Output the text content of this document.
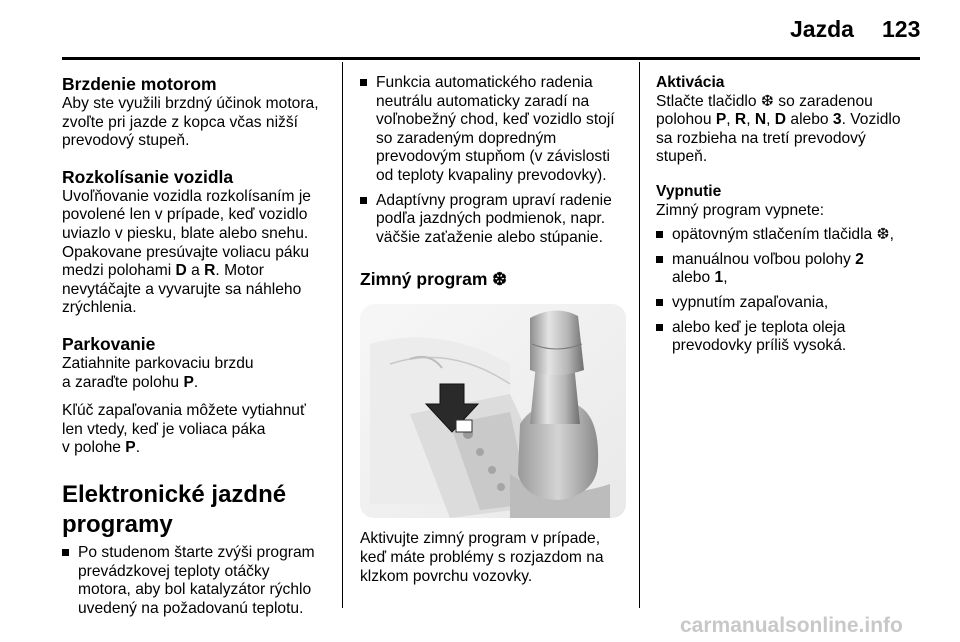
Jazda 123
Brzdenie motorom
Aby ste využili brzdný účinok motora,
zvoľte pri jazde z kopca včas nižší
prevodový stupeň.
Rozkolísanie vozidla
Uvoľňovanie vozidla rozkolísaním je
povolené len v prípade, keď vozidlo
uviazlo v piesku, blate alebo snehu.
Opakovane presúvajte voliacu páku
medzi polohami D a R. Motor
nevytáčajte a vyvarujte sa náhleho
zrýchlenia.
Parkovanie
Zatiahnite parkovaciu brzdu
a zaraďte polohu P.
Kľúč zapaľovania môžete vytiahnuť
len vtedy, keď je voliaca páka
v polohe P.
Elektronické jazdné
programy
Po studenom štarte zvýši program
prevádzkovej teploty otáčky
motora, aby bol katalyzátor rýchlo
uvedený na požadovanú teplotu.
Funkcia automatického radenia
neutrálu automaticky zaradí na
voľnobežný chod, keď vozidlo stojí
so zaradeným dopredným
prevodovým stupňom (v závislosti
od teploty kvapaliny prevodovky).
Adaptívny program upraví radenie
podľa jazdných podmienok, napr.
väčšie zaťaženie alebo stúpanie.
Zimný program ❆
Aktivujte zimný program v prípade,
keď máte problémy s rozjazdom na
klzkom povrchu vozovky.
Aktivácia
Stlačte tlačidlo ❆ so zaradenou
polohou P, R, N, D alebo 3. Vozidlo
sa rozbieha na tretí prevodový
stupeň.
Vypnutie
Zimný program vypnete:
opätovným stlačením tlačidla ❆,
manuálnou voľbou polohy 2
alebo 1,
vypnutím zapaľovania,
alebo keď je teplota oleja
prevodovky príliš vysoká.
carmanualsonline.info
